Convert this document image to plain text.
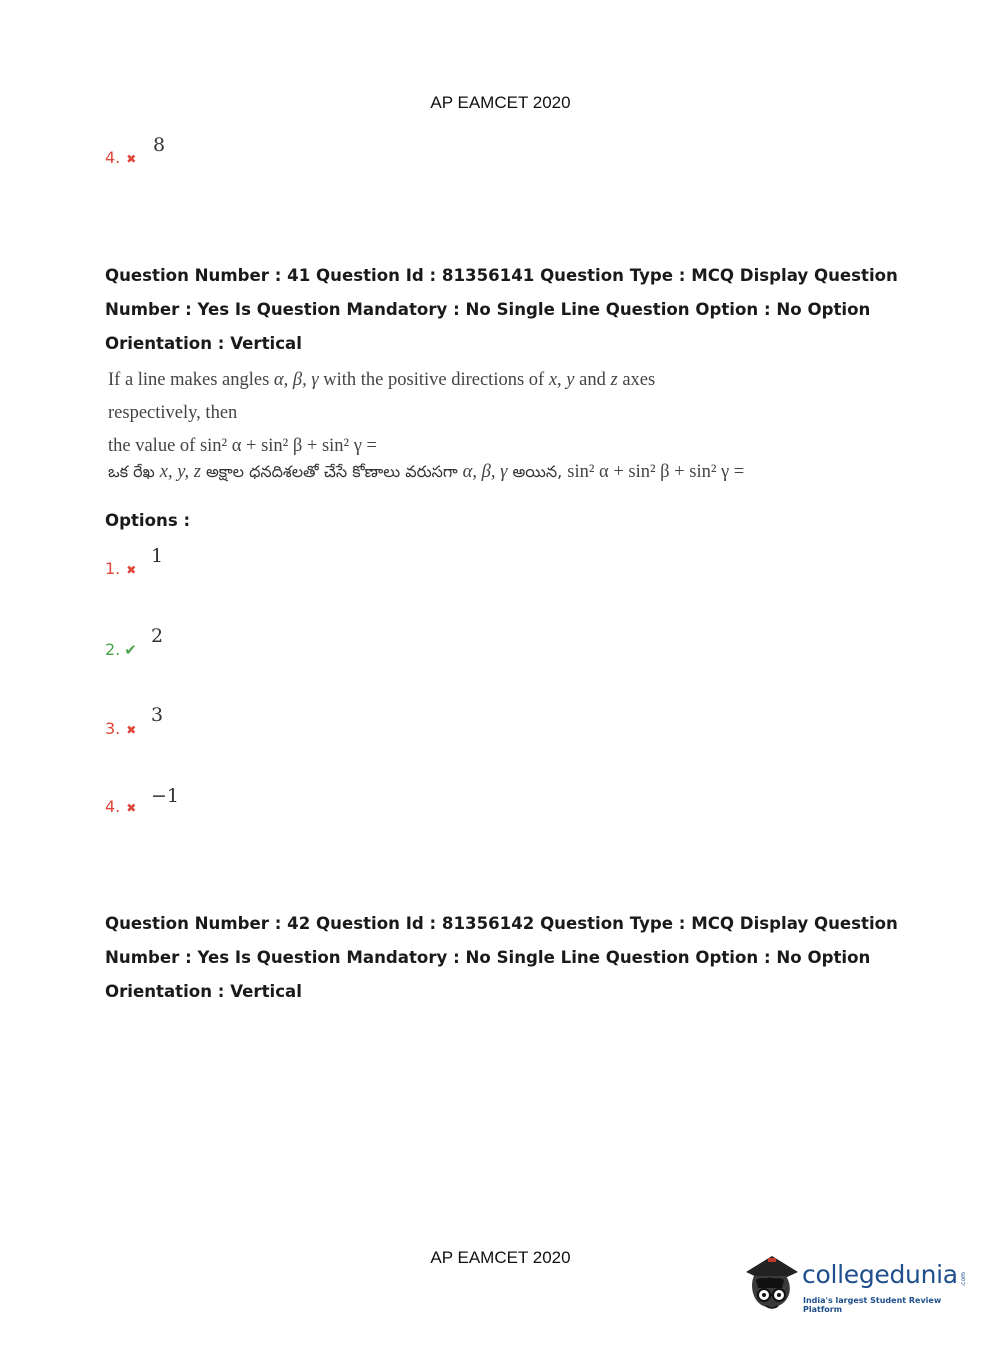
AP EAMCET 2020
4. ✖
8
Question Number : 41 Question Id : 81356141 Question Type : MCQ Display Question Number : Yes Is Question Mandatory : No Single Line Question Option : No Option Orientation : Vertical
If a line makes angles α, β, γ with the positive directions of x, y and z axes respectively, then
the value of sin² α + sin² β + sin² γ =
ఒక రేఖ x, y, z అక్షాల ధనదిశలతో చేసే కోణాలు వరుసగా α, β, γ అయిన, sin² α + sin² β + sin² γ =
Options :
1. ✖
1
2. ✔
2
3. ✖
3
4. ✖
−1
Question Number : 42 Question Id : 81356142 Question Type : MCQ Display Question Number : Yes Is Question Mandatory : No Single Line Question Option : No Option Orientation : Vertical
AP EAMCET 2020
collegedunia .com
India's largest Student Review Platform
